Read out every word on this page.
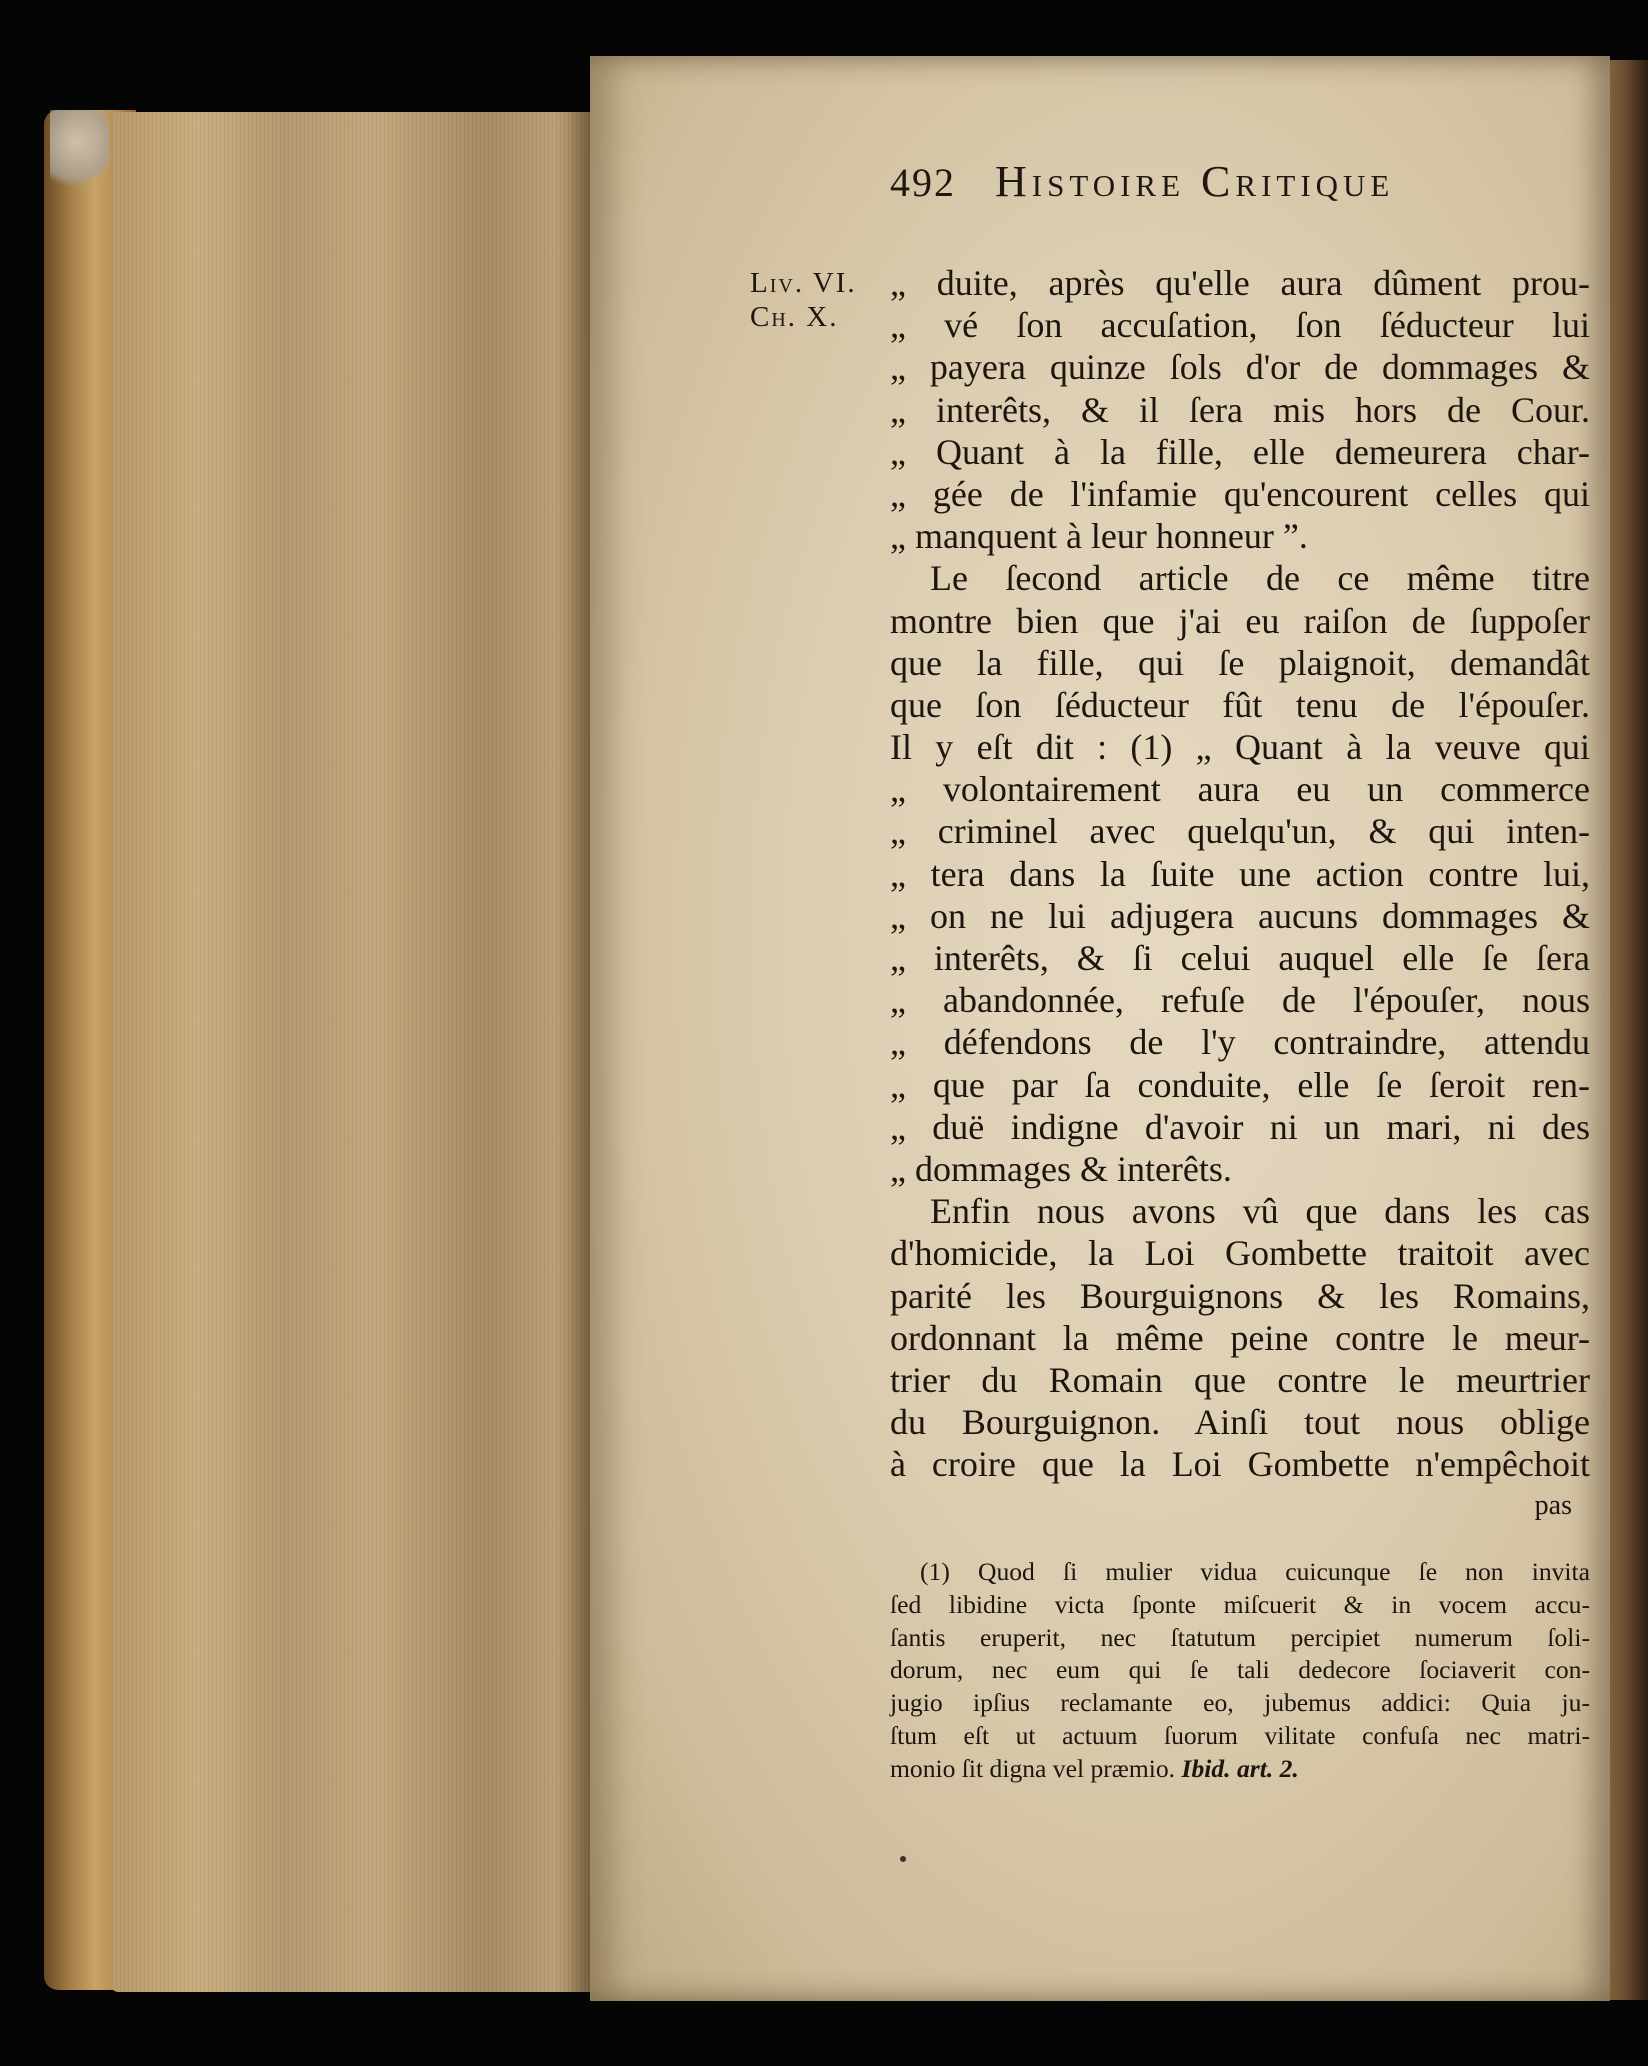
492 Histoire Critique
Liv. VI.
Ch. X.
„ duite, après qu'elle aura dûment prou-
„ vé ſon accuſation, ſon ſéducteur lui
„ payera quinze ſols d'or de dommages &
„ interêts, & il ſera mis hors de Cour.
„ Quant à la fille, elle demeurera char-
„ gée de l'infamie qu'encourent celles qui
„ manquent à leur honneur ”.
Le ſecond article de ce même titre
montre bien que j'ai eu raiſon de ſuppoſer
que la fille, qui ſe plaignoit, demandât
que ſon ſéducteur fût tenu de l'épouſer.
Il y eſt dit : (1) „ Quant à la veuve qui
„ volontairement aura eu un commerce
„ criminel avec quelqu'un, & qui inten-
„ tera dans la ſuite une action contre lui,
„ on ne lui adjugera aucuns dommages &
„ interêts, & ſi celui auquel elle ſe ſera
„ abandonnée, refuſe de l'épouſer, nous
„ défendons de l'y contraindre, attendu
„ que par ſa conduite, elle ſe ſeroit ren-
„ duë indigne d'avoir ni un mari, ni des
„ dommages & interêts.
Enfin nous avons vû que dans les cas
d'homicide, la Loi Gombette traitoit avec
parité les Bourguignons & les Romains,
ordonnant la même peine contre le meur-
trier du Romain que contre le meurtrier
du Bourguignon. Ainſi tout nous oblige
à croire que la Loi Gombette n'empêchoit
pas
(1) Quod ſi mulier vidua cuicunque ſe non invita
ſed libidine victa ſponte miſcuerit & in vocem accu-
ſantis eruperit, nec ſtatutum percipiet numerum ſoli-
dorum, nec eum qui ſe tali dedecore ſociaverit con-
jugio ipſius reclamante eo, jubemus addici: Quia ju-
ſtum eſt ut actuum ſuorum vilitate confuſa nec matri-
monio ſit digna vel præmio. Ibid. art. 2.
